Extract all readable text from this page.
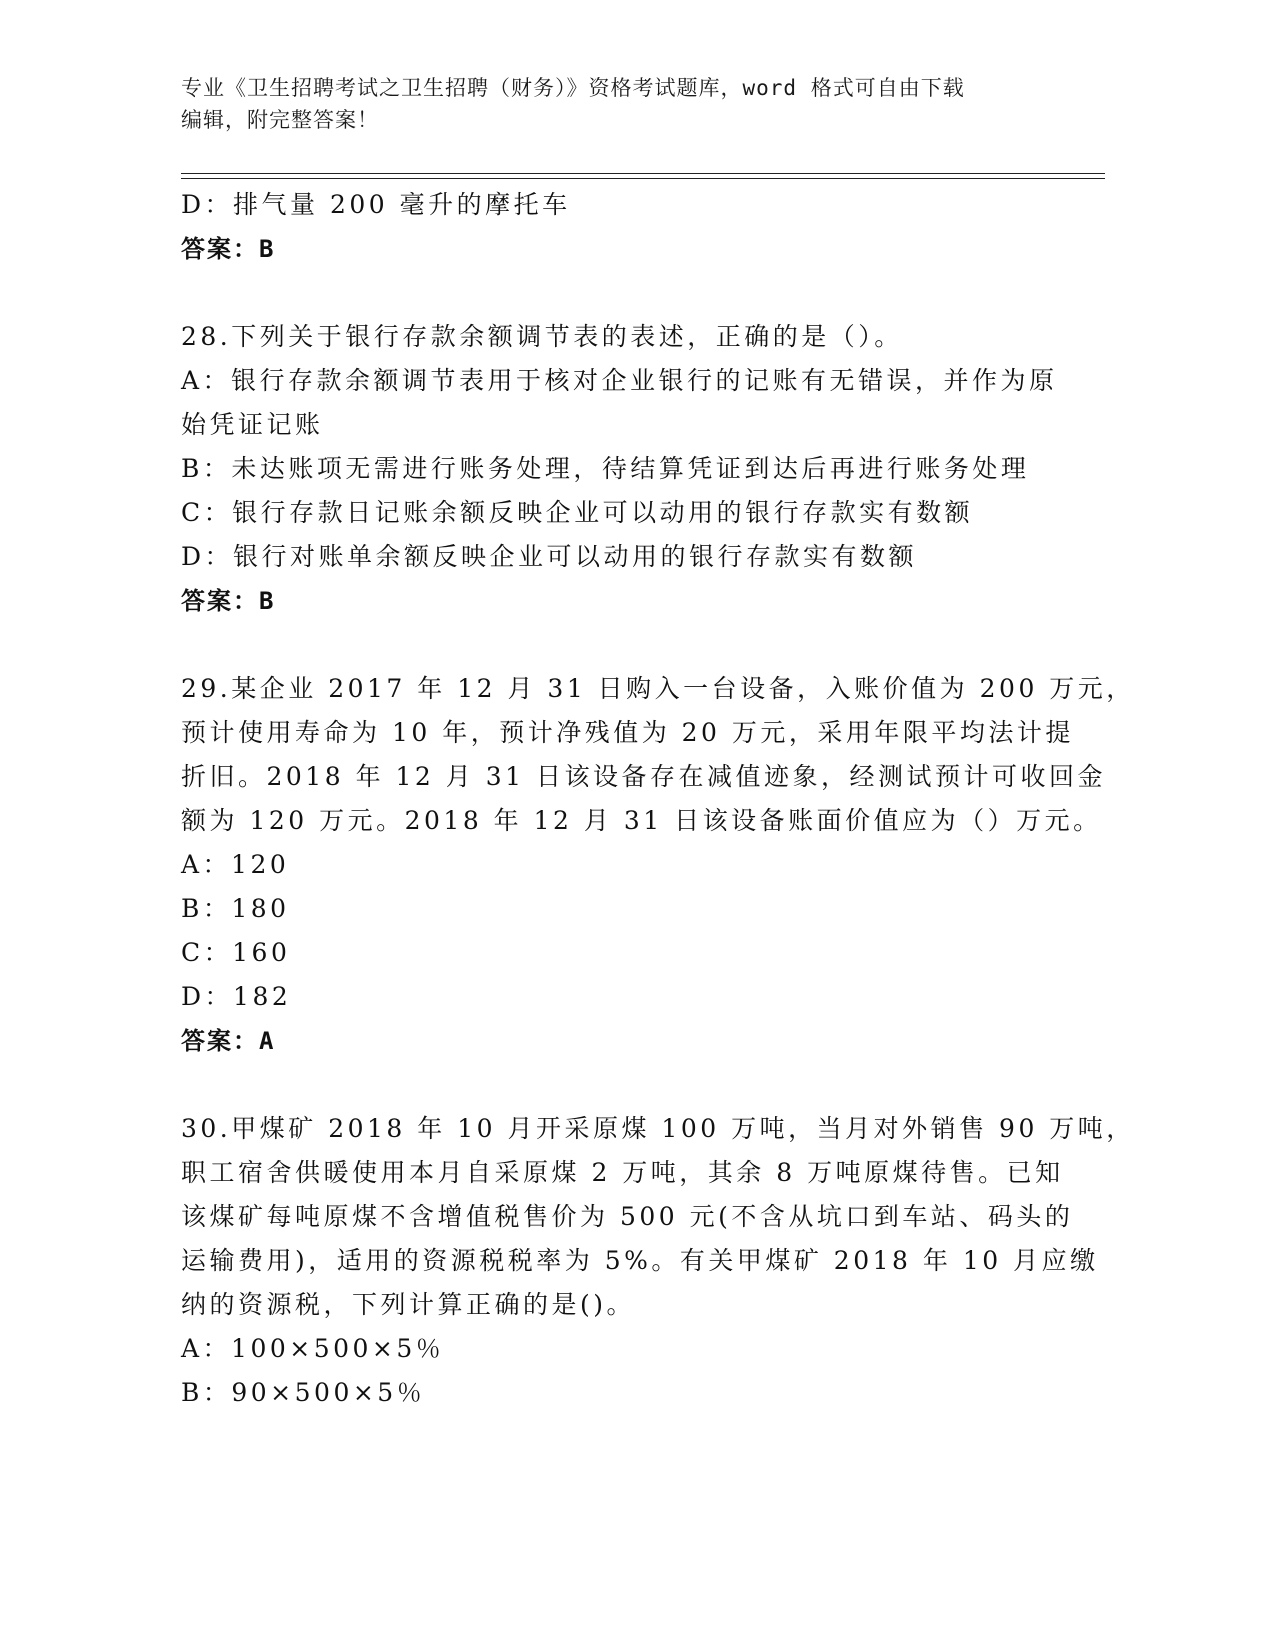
专业《卫生招聘考试之卫生招聘（财务）》资格考试题库，word 格式可自由下载
编辑，附完整答案！
D：排气量 200 毫升的摩托车
答案：B
28.下列关于银行存款余额调节表的表述，正确的是（）。
A：银行存款余额调节表用于核对企业银行的记账有无错误，并作为原
始凭证记账
B：未达账项无需进行账务处理，待结算凭证到达后再进行账务处理
C：银行存款日记账余额反映企业可以动用的银行存款实有数额
D：银行对账单余额反映企业可以动用的银行存款实有数额
答案：B
29.某企业 2017 年 12 月 31 日购入一台设备，入账价值为 200 万元，
预计使用寿命为 10 年，预计净残值为 20 万元，采用年限平均法计提
折旧。2018 年 12 月 31 日该设备存在减值迹象，经测试预计可收回金
额为 120 万元。2018 年 12 月 31 日该设备账面价值应为（）万元。
A：120
B：180
C：160
D：182
答案：A
30.甲煤矿 2018 年 10 月开采原煤 100 万吨，当月对外销售 90 万吨，
职工宿舍供暖使用本月自采原煤 2 万吨，其余 8 万吨原煤待售。已知
该煤矿每吨原煤不含增值税售价为 500 元(不含从坑口到车站、码头的
运输费用)，适用的资源税税率为 5%。有关甲煤矿 2018 年 10 月应缴
纳的资源税，下列计算正确的是()。
A：100×500×5％
B：90×500×5％
